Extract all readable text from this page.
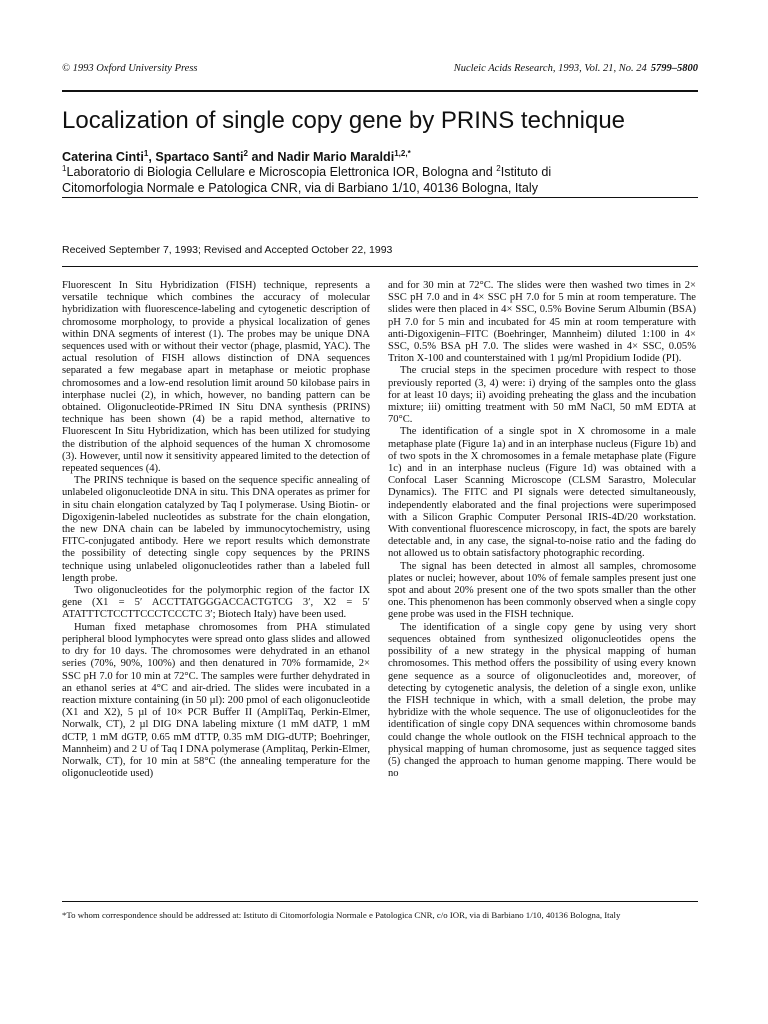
© 1993 Oxford University Press	Nucleic Acids Research, 1993, Vol. 21, No. 24 5799–5800
Localization of single copy gene by PRINS technique
Caterina Cinti$^1$, Spartaco Santi$^2$ and Nadir Mario Maraldi$^{1,2,*}$
$^1$Laboratorio di Biologia Cellulare e Microscopia Elettronica IOR, Bologna and $^2$Istituto di
Citomorfologia Normale e Patologica CNR, via di Barbiano 1/10, 40136 Bologna, Italy
Received September 7, 1993; Revised and Accepted October 22, 1993

Fluorescent In Situ Hybridization (FISH) technique, represents a versatile technique which combines the accuracy of molecular hybridization with fluorescence-labeling and cytogenetic description of chromosome morphology, to provide a physical localization of genes within DNA segments of interest (1). The probes may be unique DNA sequences used with or without their vector (phage, plasmid, YAC). The actual resolution of FISH allows distinction of DNA sequences separated a few megabase apart in metaphase or meiotic prophase chromosomes and a low-end resolution limit around 50 kilobase pairs in interphase nuclei (2), in which, however, no banding pattern can be obtained. Oligonucleotide-PRimed IN Situ DNA synthesis (PRINS) technique has been shown (4) be a rapid method, alternative to Fluorescent In Situ Hybridization, which has been utilized for studying the distribution of the alphoid sequences of the human X chromosome (3). However, until now it sensitivity appeared limited to the detection of repeated sequences (4).

The PRINS technique is based on the sequence specific annealing of unlabeled oligonucleotide DNA in situ. This DNA operates as primer for in situ chain elongation catalyzed by Taq I polymerase. Using Biotin- or Digoxigenin-labeled nucleotides as substrate for the chain elongation, the new DNA chain can be labeled by immunocytochemistry, using FITC-conjugated antibody. Here we report results which demonstrate the possibility of detecting single copy sequences by the PRINS technique using unlabeled oligonucleotides rather than a labeled full length probe.

Two oligonucleotides for the polymorphic region of the factor IX gene (X1 = 5′ ACCTTATGGGACCACTGTCG 3′, X2 = 5′ ATATTTCTCCTTCCCTCCCTC 3′; Biotech Italy) have been used.

Human fixed metaphase chromosomes from PHA stimulated peripheral blood lymphocytes were spread onto glass slides and allowed to dry for 10 days. The chromosomes were dehydrated in an ethanol series (70%, 90%, 100%) and then denatured in 70% formamide, 2× SSC pH 7.0 for 10 min at 72°C. The samples were further dehydrated in an ethanol series at 4°C and air-dried. The slides were incubated in a reaction mixture containing (in 50 µl): 200 pmol of each oligonucleotide (X1 and X2), 5 µl of 10× PCR Buffer II (AmpliTaq, Perkin-Elmer, Norwalk, CT), 2 µl DIG DNA labeling mixture (1 mM dATP, 1 mM dCTP, 1 mM dGTP, 0.65 mM dTTP, 0.35 mM DIG-dUTP; Boehringer, Mannheim) and 2 U of Taq I DNA polymerase (Amplitaq, Perkin-Elmer, Norwalk, CT), for 10 min at 58°C (the annealing temperature for the oligonucleotide used)

and for 30 min at 72°C. The slides were then washed two times in 2× SSC pH 7.0 and in 4× SSC pH 7.0 for 5 min at room temperature. The slides were then placed in 4× SSC, 0.5% Bovine Serum Albumin (BSA) pH 7.0 for 5 min and incubated for 45 min at room temperature with anti-Digoxigenin–FITC (Boehringer, Mannheim) diluted 1:100 in 4× SSC, 0.5% BSA pH 7.0. The slides were washed in 4× SSC, 0.05% Triton X-100 and counterstained with 1 µg/ml Propidium Iodide (PI).

The crucial steps in the specimen procedure with respect to those previously reported (3, 4) were: i) drying of the samples onto the glass for at least 10 days; ii) avoiding preheating the glass and the incubation mixture; iii) omitting treatment with 50 mM NaCl, 50 mM EDTA at 70°C.

The identification of a single spot in X chromosome in a male metaphase plate (Figure 1a) and in an interphase nucleus (Figure 1b) and of two spots in the X chromosomes in a female metaphase plate (Figure 1c) and in an interphase nucleus (Figure 1d) was obtained with a Confocal Laser Scanning Microscope (CLSM Sarastro, Molecular Dynamics). The FITC and PI signals were detected simultaneously, independently elaborated and the final projections were superimposed with a Silicon Graphic Computer Personal IRIS-4D/20 workstation. With conventional fluorescence microscopy, in fact, the spots are barely detectable and, in any case, the signal-to-noise ratio and the fading do not allowed us to obtain satisfactory photographic recording.

The signal has been detected in almost all samples, chromosome plates or nuclei; however, about 10% of female samples present just one spot and about 20% present one of the two spots smaller than the other one. This phenomenon has been commonly observed when a single copy gene probe was used in the FISH technique.

The identification of a single copy gene by using very short sequences obtained from synthesized oligonucleotides opens the possibility of a new strategy in the physical mapping of human chromosomes. This method offers the possibility of using every known gene sequence as a source of oligonucleotides and, moreover, of detecting by cytogenetic analysis, the deletion of a single exon, unlike the FISH technique in which, with a small deletion, the probe may hybridize with the whole sequence. The use of oligonucleotides for the identification of single copy DNA sequences within chromosome bands could change the whole outlook on the FISH technical approach to the physical mapping of human chromosome, just as sequence tagged sites (5) changed the approach to human genome mapping. There would be no

*To whom correspondence should be addressed at: Istituto di Citomorfologia Normale e Patologica CNR, c/o IOR, via di Barbiano 1/10, 40136 Bologna, Italy
